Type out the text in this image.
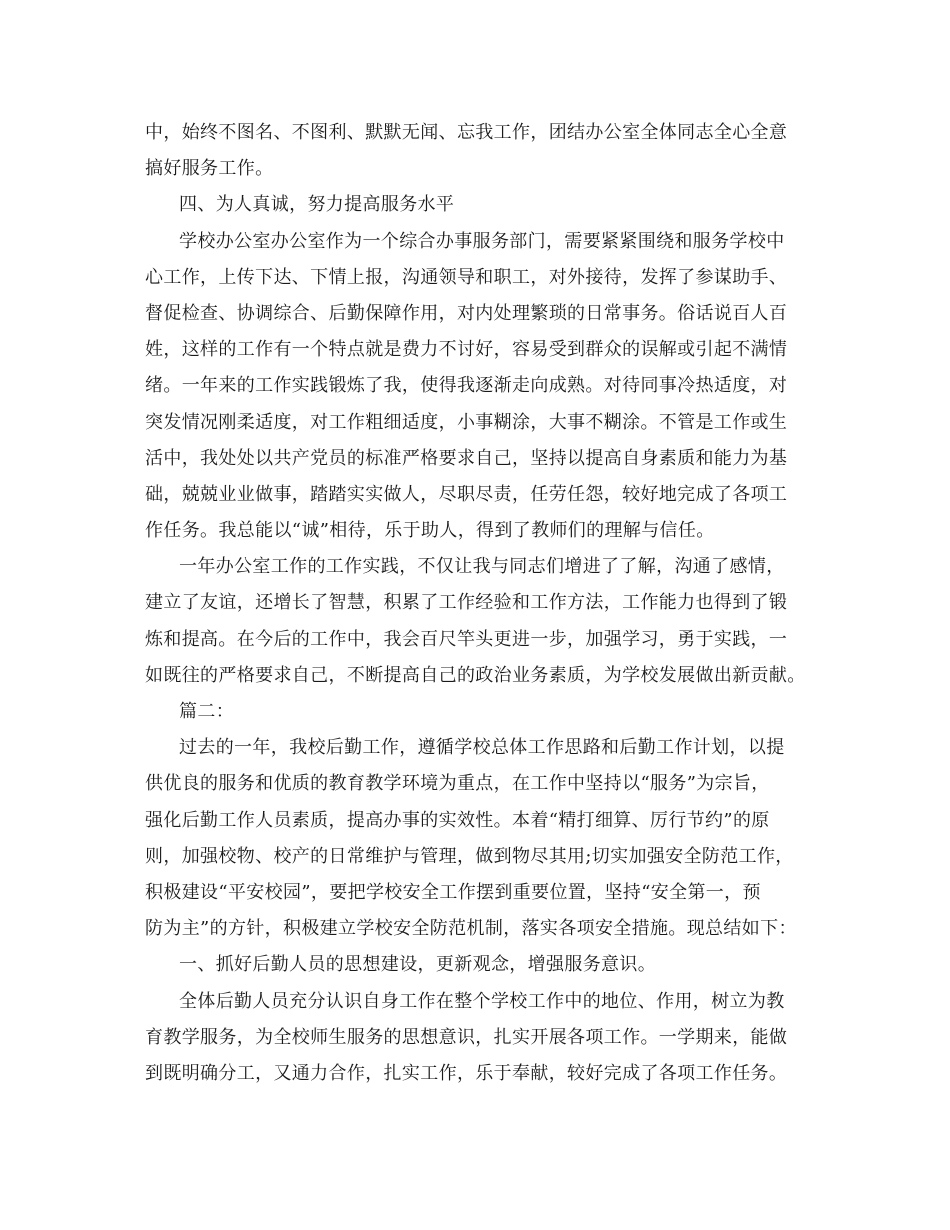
中，始终不图名、不图利、默默无闻、忘我工作，团结办公室全体同志全心全意
搞好服务工作。
四、为人真诚，努力提高服务水平
学校办公室办公室作为一个综合办事服务部门，需要紧紧围绕和服务学校中
心工作，上传下达、下情上报，沟通领导和职工，对外接待，发挥了参谋助手、
督促检查、协调综合、后勤保障作用，对内处理繁琐的日常事务。俗话说百人百
姓，这样的工作有一个特点就是费力不讨好，容易受到群众的误解或引起不满情
绪。一年来的工作实践锻炼了我，使得我逐渐走向成熟。对待同事冷热适度，对
突发情况刚柔适度，对工作粗细适度，小事糊涂，大事不糊涂。不管是工作或生
活中，我处处以共产党员的标准严格要求自己，坚持以提高自身素质和能力为基
础，兢兢业业做事，踏踏实实做人，尽职尽责，任劳任怨，较好地完成了各项工
作任务。我总能以“诚”相待，乐于助人，得到了教师们的理解与信任。
一年办公室工作的工作实践，不仅让我与同志们增进了了解，沟通了感情，
建立了友谊，还增长了智慧，积累了工作经验和工作方法，工作能力也得到了锻
炼和提高。在今后的工作中，我会百尺竿头更进一步，加强学习，勇于实践，一
如既往的严格要求自己，不断提高自己的政治业务素质，为学校发展做出新贡献。
篇二：
过去的一年，我校后勤工作，遵循学校总体工作思路和后勤工作计划，以提
供优良的服务和优质的教育教学环境为重点，在工作中坚持以“服务”为宗旨，
强化后勤工作人员素质，提高办事的实效性。本着“精打细算、厉行节约”的原
则，加强校物、校产的日常维护与管理，做到物尽其用;切实加强安全防范工作，
积极建设“平安校园”，要把学校安全工作摆到重要位置，坚持“安全第一，预
防为主”的方针，积极建立学校安全防范机制，落实各项安全措施。现总结如下：
一、抓好后勤人员的思想建设，更新观念，增强服务意识。
全体后勤人员充分认识自身工作在整个学校工作中的地位、作用，树立为教
育教学服务，为全校师生服务的思想意识，扎实开展各项工作。一学期来，能做
到既明确分工，又通力合作，扎实工作，乐于奉献，较好完成了各项工作任务。
